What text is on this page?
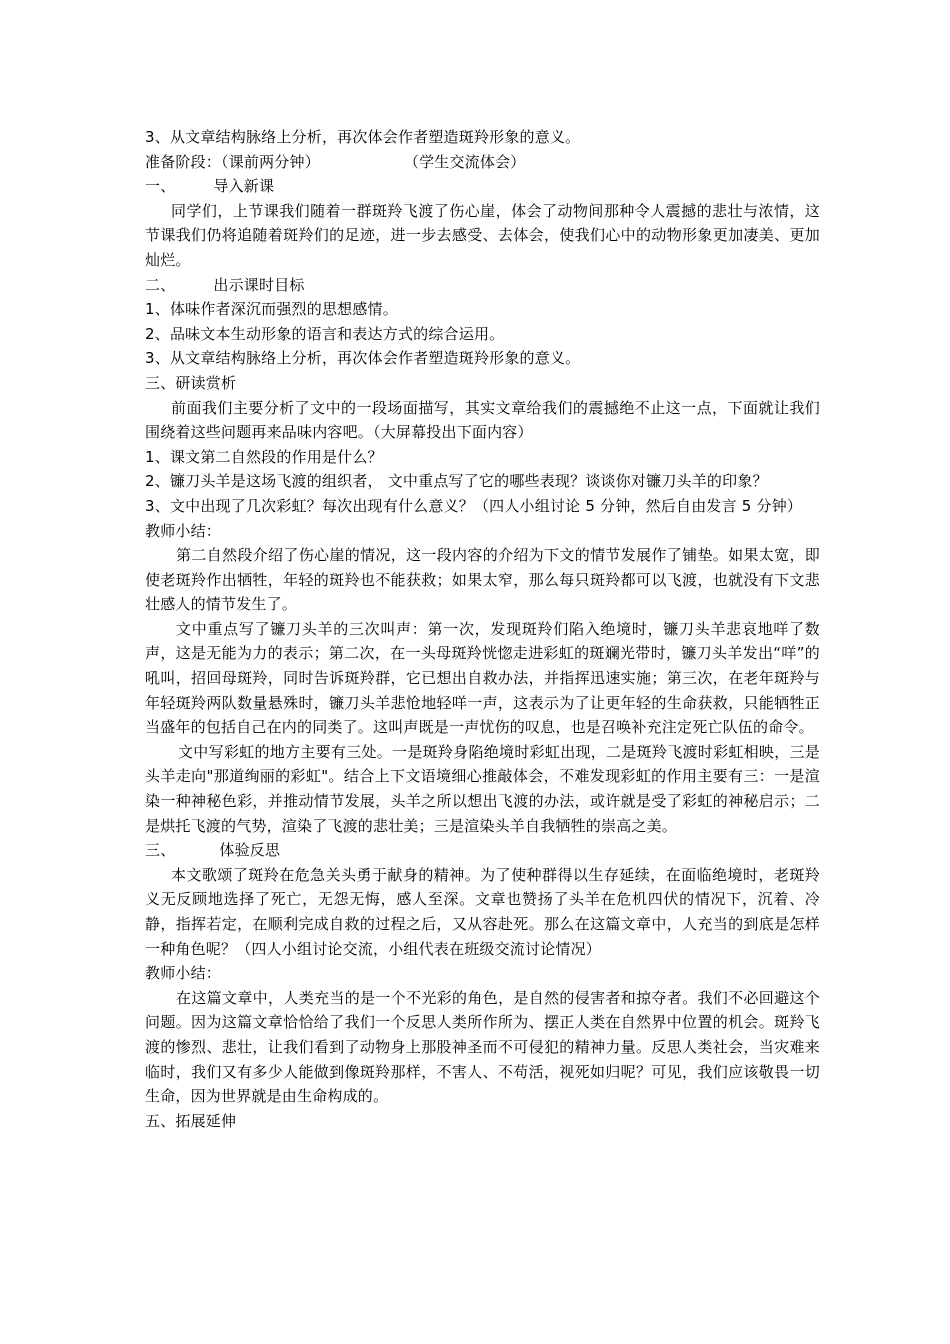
3、从文章结构脉络上分析，再次体会作者塑造斑羚形象的意义。

准备阶段：（课前两分钟）	（学生交流体会）

一、	导入新课

同学们，上节课我们随着一群斑羚飞渡了伤心崖，体会了动物间那种令人震撼的悲壮与浓情，这节课我们仍将追随着斑羚们的足迹，进一步去感受、去体会，使我们心中的动物形象更加凄美、更加灿烂。

二、	出示课时目标

1、体味作者深沉而强烈的思想感情。

2、品味文本生动形象的语言和表达方式的综合运用。

3、从文章结构脉络上分析，再次体会作者塑造斑羚形象的意义。

三、研读赏析

前面我们主要分析了文中的一段场面描写，其实文章给我们的震撼绝不止这一点，下面就让我们围绕着这些问题再来品味内容吧。（大屏幕投出下面内容）

1、课文第二自然段的作用是什么？

2、镰刀头羊是这场飞渡的组织者， 文中重点写了它的哪些表现？谈谈你对镰刀头羊的印象？

3、文中出现了几次彩虹？每次出现有什么意义？（四人小组讨论 5 分钟，然后自由发言 5 分钟）

教师小结：

第二自然段介绍了伤心崖的情况，这一段内容的介绍为下文的情节发展作了铺垫。如果太宽，即使老斑羚作出牺牲，年轻的斑羚也不能获救；如果太窄，那么每只斑羚都可以飞渡，也就没有下文悲壮感人的情节发生了。

文中重点写了镰刀头羊的三次叫声：第一次，发现斑羚们陷入绝境时，镰刀头羊悲哀地咩了数声，这是无能为力的表示；第二次，在一头母斑羚恍惚走进彩虹的斑斓光带时，镰刀头羊发出“咩”的吼叫，招回母斑羚，同时告诉斑羚群，它已想出自救办法，并指挥迅速实施；第三次，在老年斑羚与年轻斑羚两队数量悬殊时，镰刀头羊悲怆地轻咩一声，这表示为了让更年轻的生命获救，只能牺牲正当盛年的包括自己在内的同类了。这叫声既是一声忧伤的叹息，也是召唤补充注定死亡队伍的命令。

文中写彩虹的地方主要有三处。一是斑羚身陷绝境时彩虹出现，二是斑羚飞渡时彩虹相映，三是头羊走向"那道绚丽的彩虹"。结合上下文语境细心推敲体会，不难发现彩虹的作用主要有三：一是渲染一种神秘色彩，并推动情节发展，头羊之所以想出飞渡的办法，或许就是受了彩虹的神秘启示；二是烘托飞渡的气势，渲染了飞渡的悲壮美；三是渲染头羊自我牺牲的崇高之美。

三、	体验反思

本文歌颂了斑羚在危急关头勇于献身的精神。为了使种群得以生存延续，在面临绝境时，老斑羚义无反顾地选择了死亡，无怨无悔，感人至深。文章也赞扬了头羊在危机四伏的情况下，沉着、冷静，指挥若定，在顺利完成自救的过程之后，又从容赴死。那么在这篇文章中，人充当的到底是怎样一种角色呢？（四人小组讨论交流，小组代表在班级交流讨论情况）

教师小结：

在这篇文章中，人类充当的是一个不光彩的角色，是自然的侵害者和掠夺者。我们不必回避这个问题。因为这篇文章恰恰给了我们一个反思人类所作所为、摆正人类在自然界中位置的机会。斑羚飞渡的惨烈、悲壮，让我们看到了动物身上那股神圣而不可侵犯的精神力量。反思人类社会，当灾难来临时，我们又有多少人能做到像斑羚那样，不害人、不苟活，视死如归呢？可见，我们应该敬畏一切生命，因为世界就是由生命构成的。

五、拓展延伸
